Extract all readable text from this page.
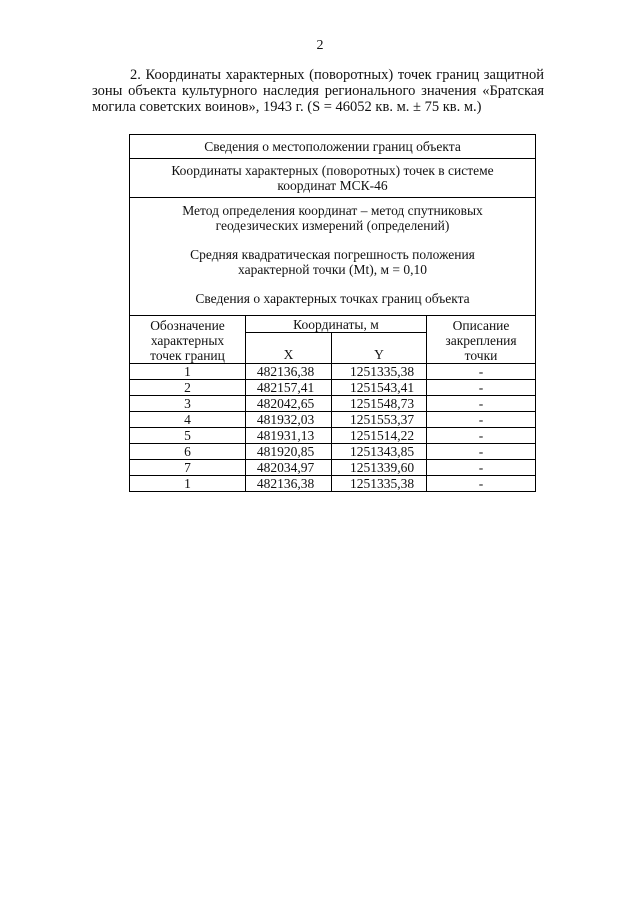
2

2. Координаты характерных (поворотных) точек границ защитной зоны объекта культурного наследия регионального значения «Братская могила советских воинов», 1943 г. (S = 46052 кв. м. ± 75 кв. м.)

Сведения о местоположении границ объекта			

Координаты характерных (поворотных) точек в системе
координат МСК-46			

Метод определения координат – метод спутниковых
геодезических измерений (определений)
Средняя квадратическая погрешность положения
характерной точки (Mt), м = 0,10
Сведения о характерных точках границ объекта			

Обозначение
характерных
точек границ	Координаты, м		Описание
закрепления
точки

	X	Y	
1	482136,38	1251335,38	-
2	482157,41	1251543,41	-
3	482042,65	1251548,73	-
4	481932,03	1251553,37	-
5	481931,13	1251514,22	-
6	481920,85	1251343,85	-
7	482034,97	1251339,60	-
1	482136,38	1251335,38	-
